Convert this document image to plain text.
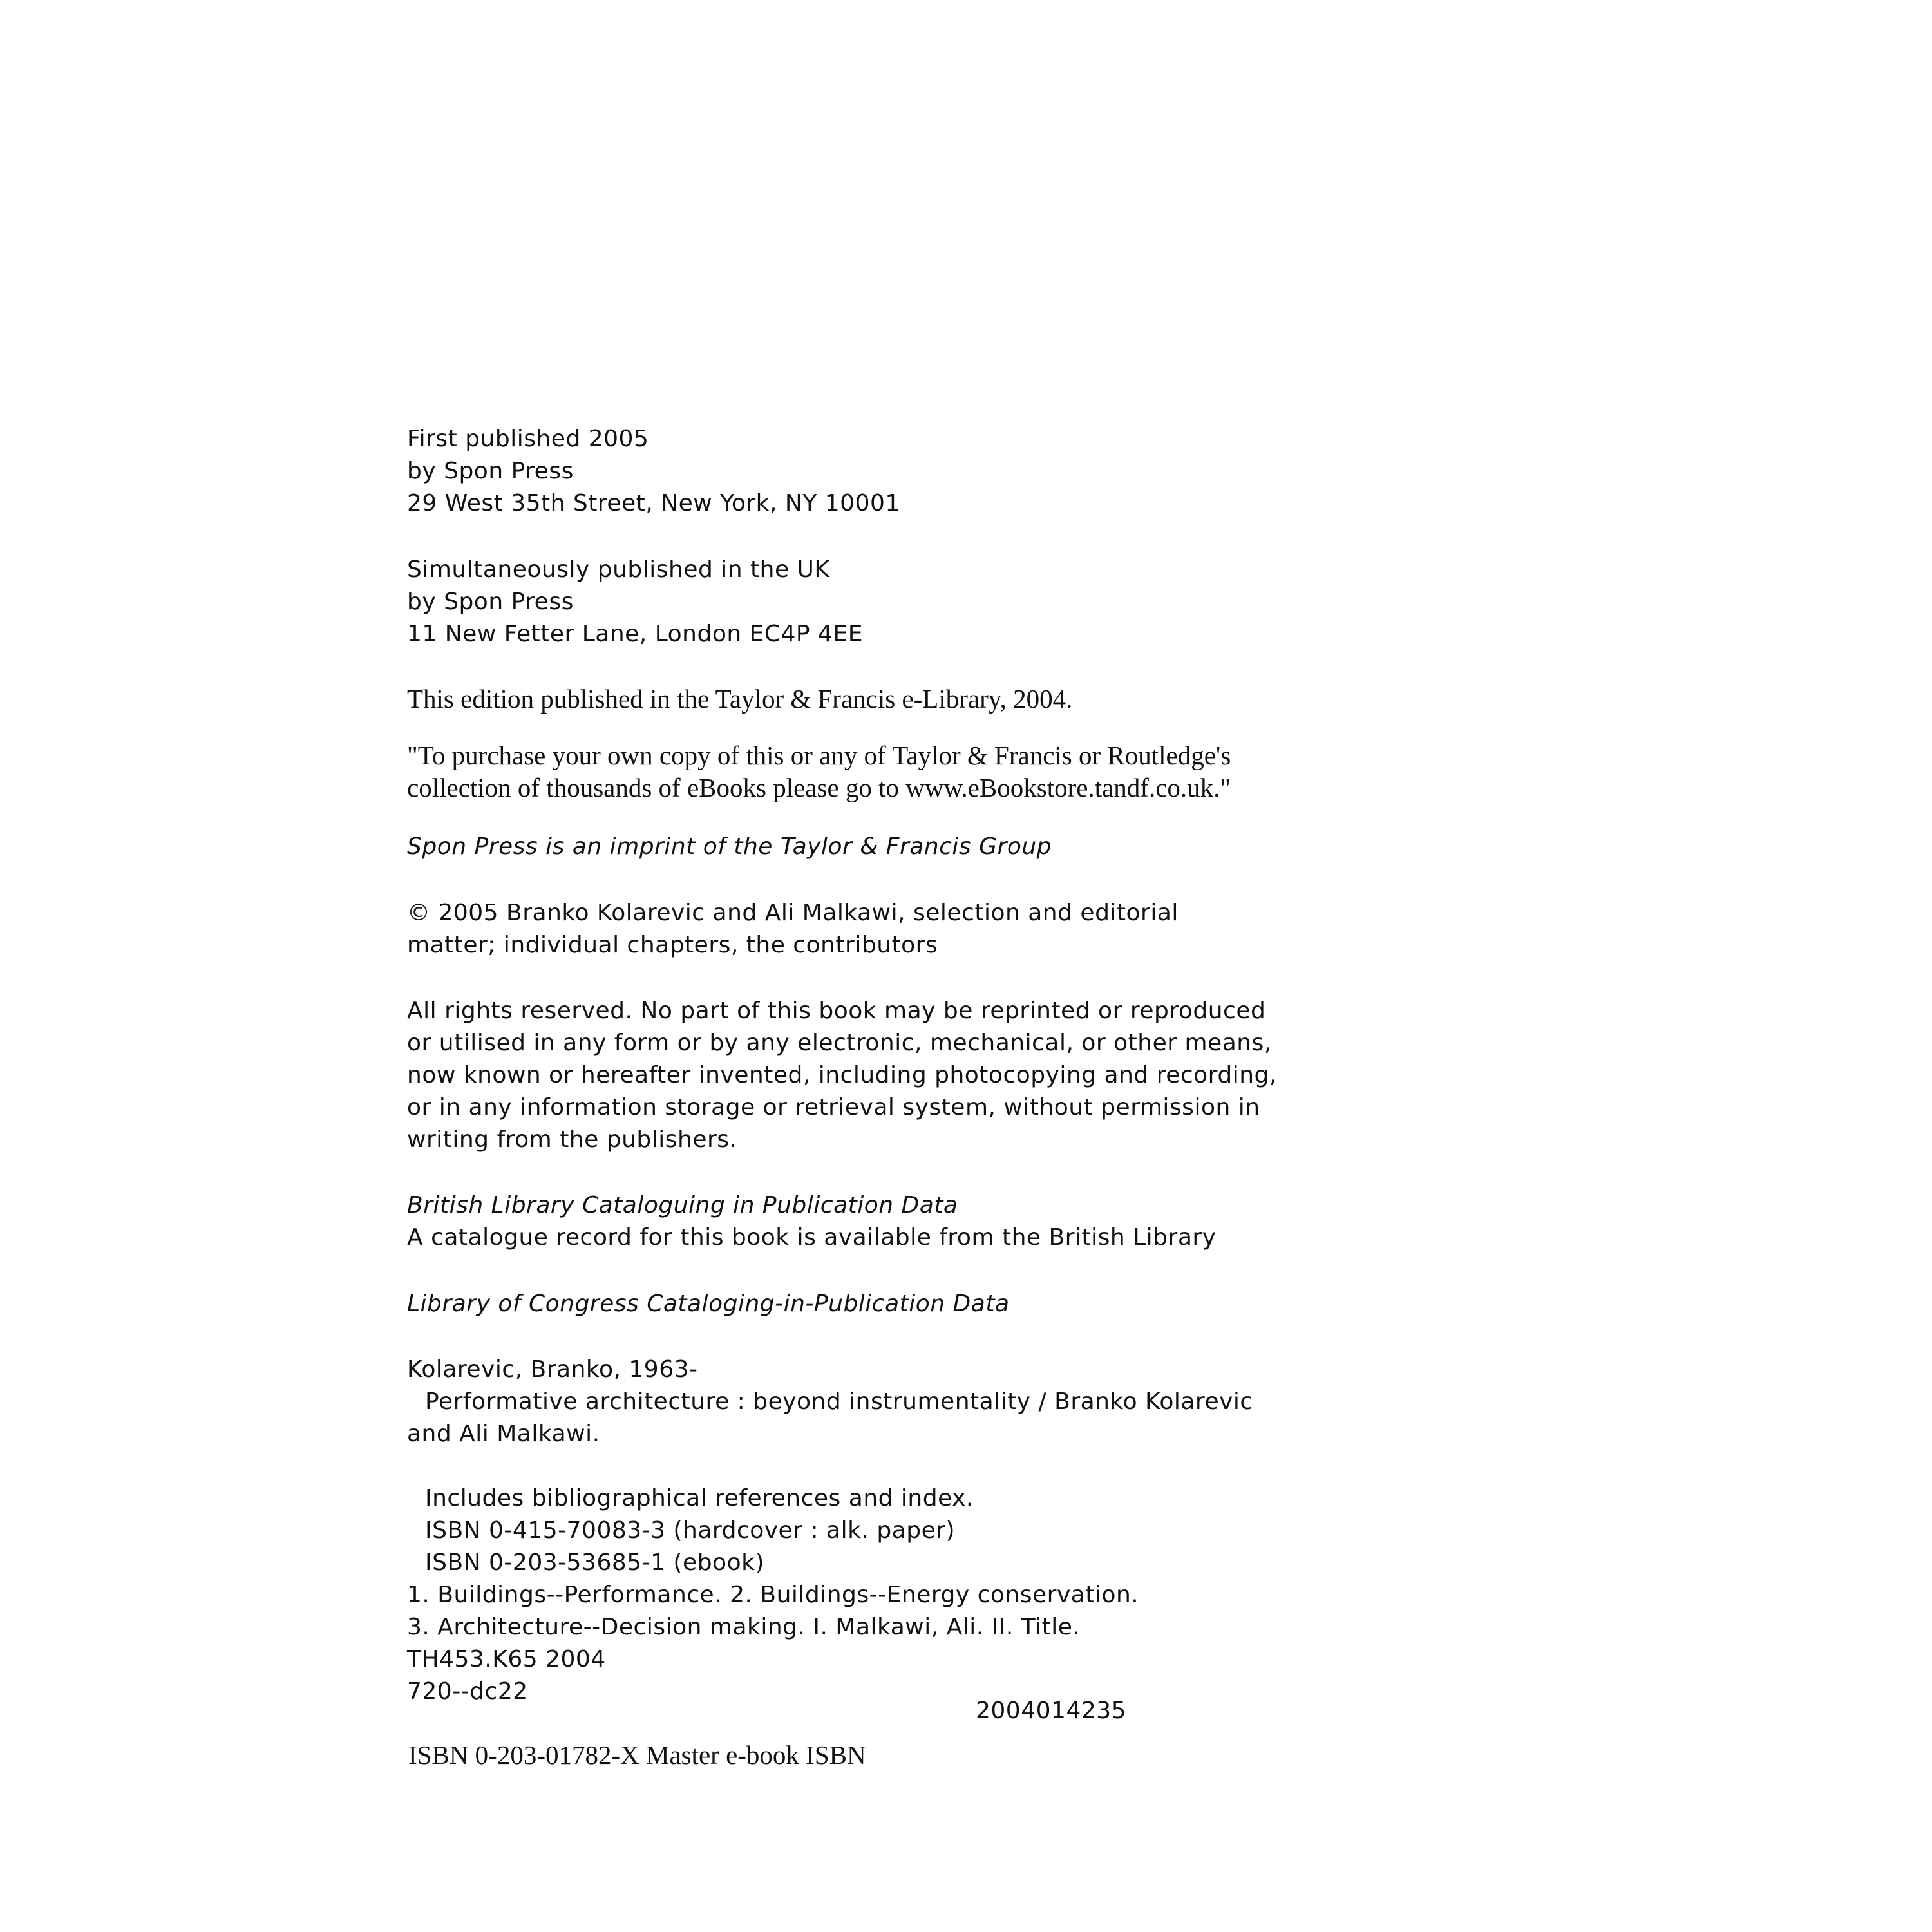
First published 2005
by Spon Press
29 West 35th Street, New York, NY 10001
Simultaneously published in the UK
by Spon Press
11 New Fetter Lane, London EC4P 4EE
This edition published in the Taylor & Francis e-Library, 2004.
"To purchase your own copy of this or any of Taylor & Francis or Routledge's
collection of thousands of eBooks please go to www.eBookstore.tandf.co.uk."
Spon Press is an imprint of the Taylor & Francis Group
© 2005 Branko Kolarevic and Ali Malkawi, selection and editorial
matter; individual chapters, the contributors
All rights reserved. No part of this book may be reprinted or reproduced
or utilised in any form or by any electronic, mechanical, or other means,
now known or hereafter invented, including photocopying and recording,
or in any information storage or retrieval system, without permission in
writing from the publishers.
British Library Cataloguing in Publication Data
A catalogue record for this book is available from the British Library
Library of Congress Cataloging-in-Publication Data
Kolarevic, Branko, 1963-
Performative architecture : beyond instrumentality / Branko Kolarevic
and Ali Malkawi.
Includes bibliographical references and index.
ISBN 0-415-70083-3 (hardcover : alk. paper)
ISBN 0-203-53685-1 (ebook)
1. Buildings--Performance. 2. Buildings--Energy conservation.
3. Architecture--Decision making. I. Malkawi, Ali. II. Title.
TH453.K65 2004
720--dc22
2004014235
ISBN 0-203-01782-X Master e-book ISBN
